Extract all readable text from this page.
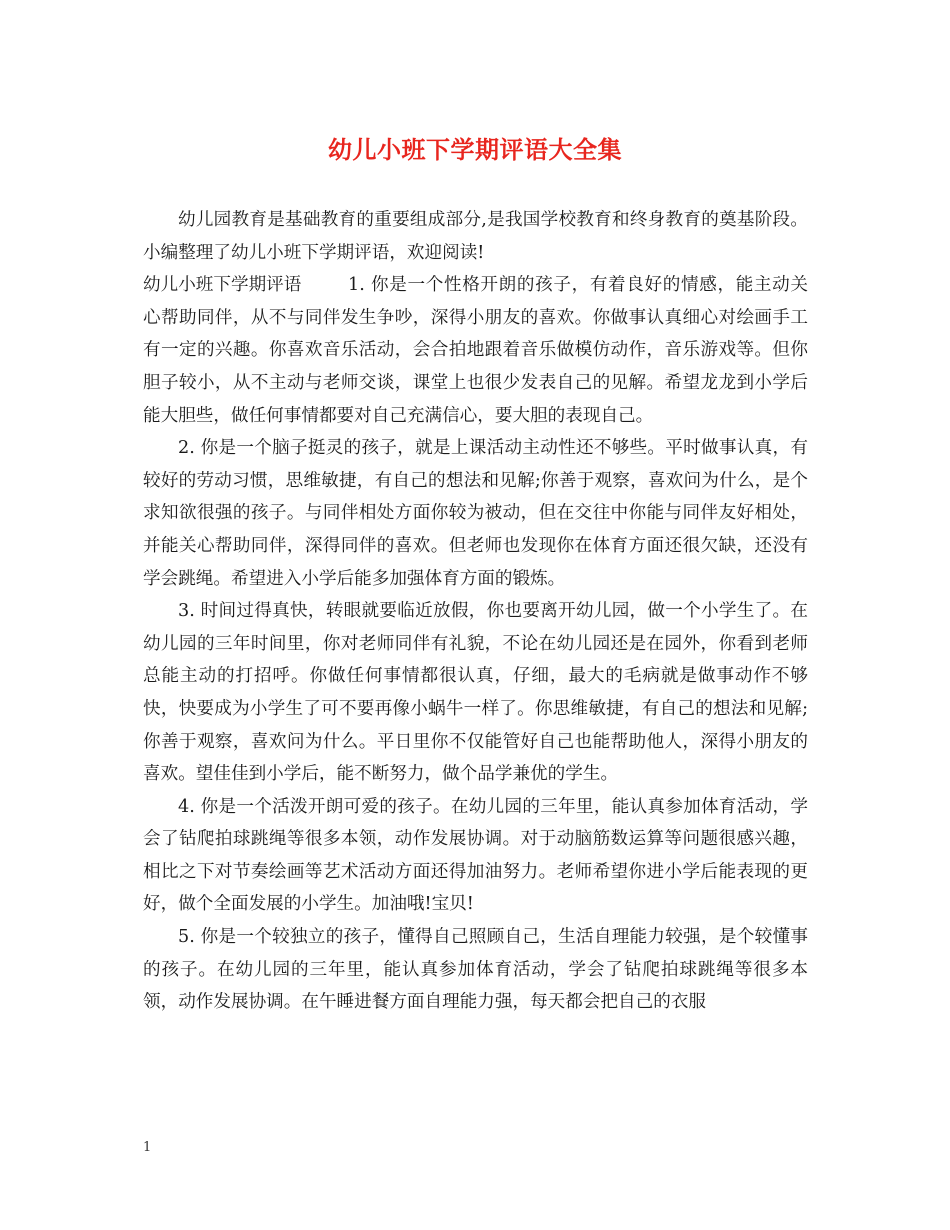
幼儿小班下学期评语大全集

幼儿园教育是基础教育的重要组成部分,是我国学校教育和终身教育的奠基阶段。小编整理了幼儿小班下学期评语，欢迎阅读!

幼儿小班下学期评语	1. 你是一个性格开朗的孩子，有着良好的情感，能主动关心帮助同伴，从不与同伴发生争吵，深得小朋友的喜欢。你做事认真细心对绘画手工有一定的兴趣。你喜欢音乐活动，会合拍地跟着音乐做模仿动作，音乐游戏等。但你胆子较小，从不主动与老师交谈，课堂上也很少发表自己的见解。希望龙龙到小学后能大胆些，做任何事情都要对自己充满信心，要大胆的表现自己。

2. 你是一个脑子挺灵的孩子，就是上课活动主动性还不够些。平时做事认真，有较好的劳动习惯，思维敏捷，有自己的想法和见解;你善于观察，喜欢问为什么，是个求知欲很强的孩子。与同伴相处方面你较为被动，但在交往中你能与同伴友好相处，并能关心帮助同伴，深得同伴的喜欢。但老师也发现你在体育方面还很欠缺，还没有学会跳绳。希望进入小学后能多加强体育方面的锻炼。

3. 时间过得真快，转眼就要临近放假，你也要离开幼儿园，做一个小学生了。在幼儿园的三年时间里，你对老师同伴有礼貌，不论在幼儿园还是在园外，你看到老师总能主动的打招呼。你做任何事情都很认真，仔细，最大的毛病就是做事动作不够快，快要成为小学生了可不要再像小蜗牛一样了。你思维敏捷，有自己的想法和见解;你善于观察，喜欢问为什么。平日里你不仅能管好自己也能帮助他人，深得小朋友的喜欢。望佳佳到小学后，能不断努力，做个品学兼优的学生。

4. 你是一个活泼开朗可爱的孩子。在幼儿园的三年里，能认真参加体育活动，学会了钻爬拍球跳绳等很多本领，动作发展协调。对于动脑筋数运算等问题很感兴趣，相比之下对节奏绘画等艺术活动方面还得加油努力。老师希望你进小学后能表现的更好，做个全面发展的小学生。加油哦!宝贝!

5. 你是一个较独立的孩子，懂得自己照顾自己，生活自理能力较强，是个较懂事的孩子。在幼儿园的三年里，能认真参加体育活动，学会了钻爬拍球跳绳等很多本领，动作发展协调。在午睡进餐方面自理能力强，每天都会把自己的衣服

1
